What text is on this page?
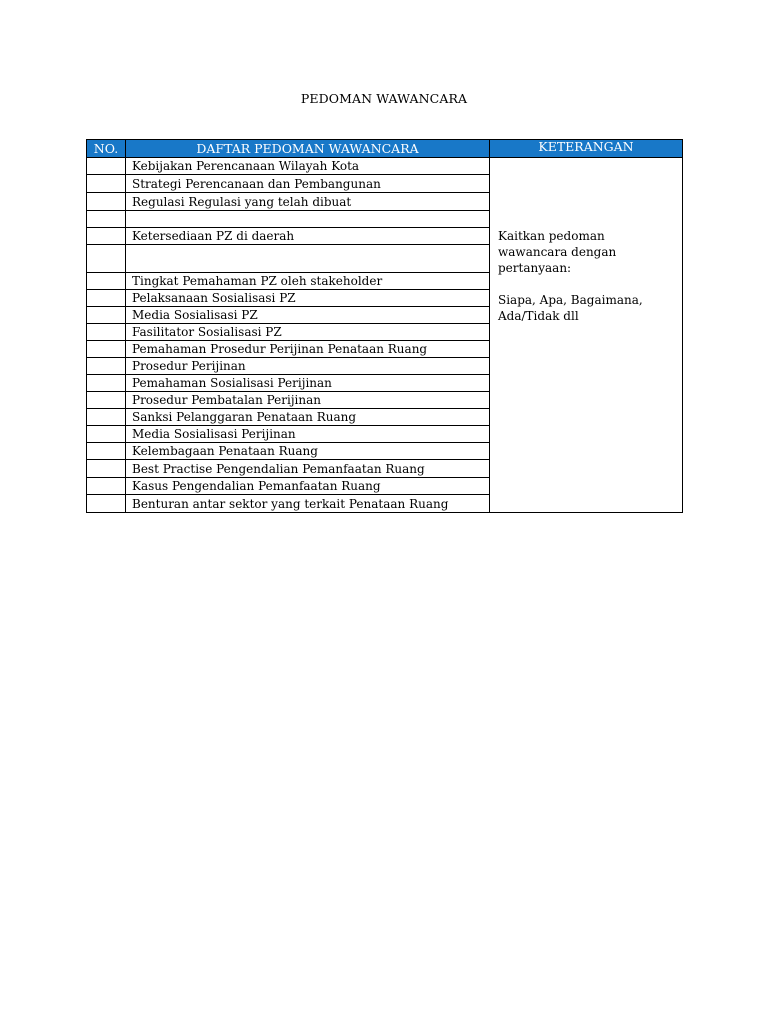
PEDOMAN WAWANCARA
NO.	DAFTAR PEDOMAN WAWANCARA	KETERANGAN
	Kebijakan Perencanaan Wilayah Kota	Kaitkan pedoman
wawancara dengan
pertanyaan:
Siapa, Apa, Bagaimana,
Ada/Tidak dll

	Strategi Perencanaan dan Pembangunan	
	Regulasi Regulasi yang telah dibuat	

	Ketersediaan PZ di daerah	

	Tingkat Pemahaman PZ oleh stakeholder	
	Pelaksanaan Sosialisasi PZ	
	Media Sosialisasi PZ	
	Fasilitator Sosialisasi PZ	
	Pemahaman Prosedur Perijinan Penataan Ruang	
	Prosedur Perijinan	
	Pemahaman Sosialisasi Perijinan	
	Prosedur Pembatalan Perijinan	
	Sanksi Pelanggaran Penataan Ruang	
	Media Sosialisasi Perijinan	
	Kelembagaan Penataan Ruang	
	Best Practise Pengendalian Pemanfaatan Ruang	
	Kasus Pengendalian Pemanfaatan Ruang	
	Benturan antar sektor yang terkait Penataan Ruang	
